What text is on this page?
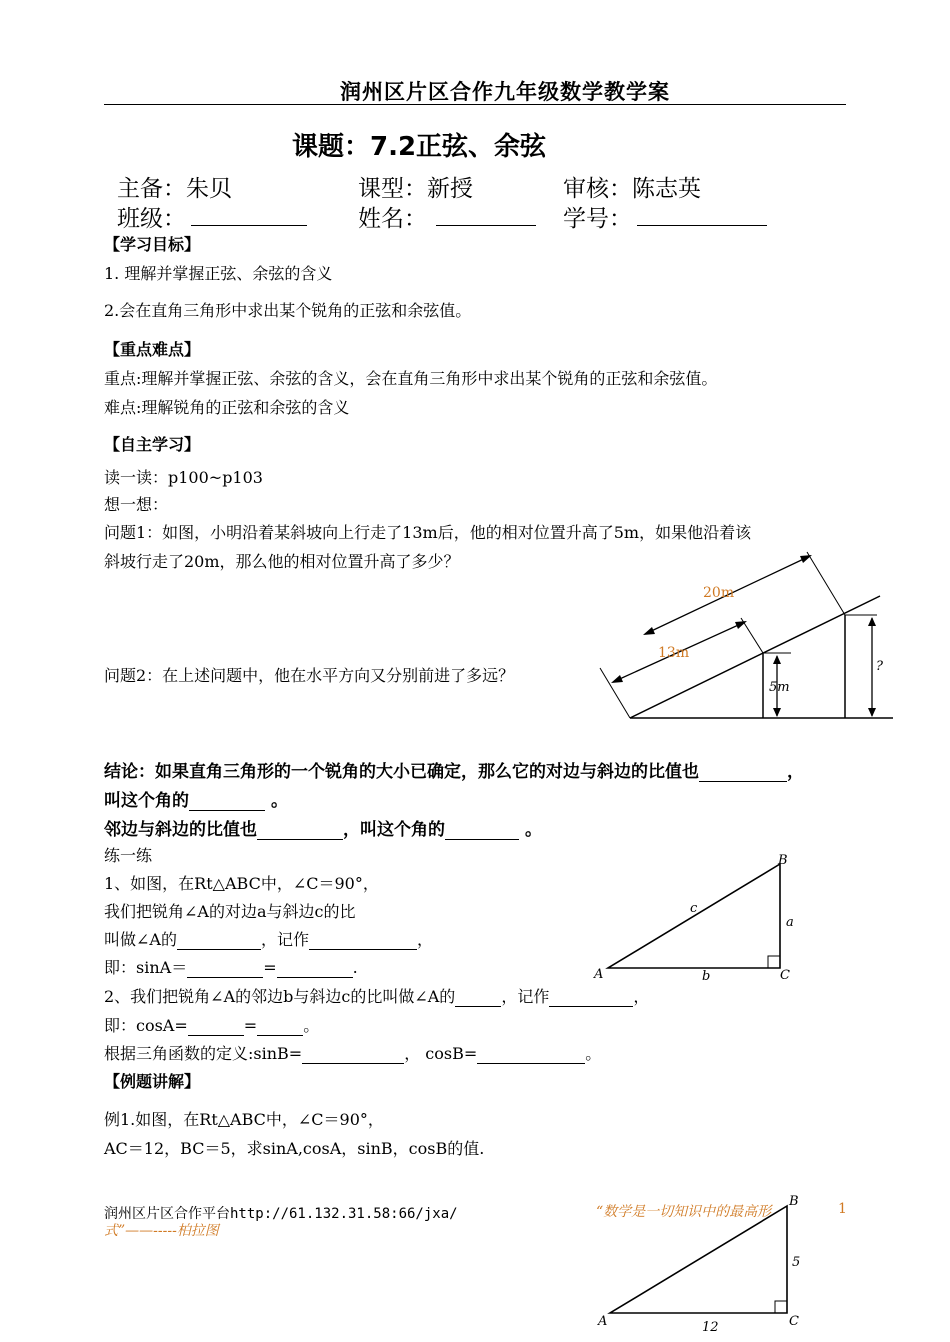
润州区片区合作九年级数学教学案
课题：7.2正弦、余弦
主备：朱贝	课型：新授	审核：陈志英
班级：	姓名：	学号：
【学习目标】
1. 理解并掌握正弦、余弦的含义
2.会在直角三角形中求出某个锐角的正弦和余弦值。
【重点难点】
重点:理解并掌握正弦、余弦的含义，会在直角三角形中求出某个锐角的正弦和余弦值。
难点:理解锐角的正弦和余弦的含义
【自主学习】
读一读：p100~p103
想一想：
问题1：如图，小明沿着某斜坡向上行走了13m后，他的相对位置升高了5m，如果他沿着该
斜坡行走了20m，那么他的相对位置升高了多少？
问题2：在上述问题中，他在水平方向又分别前进了多远？
20m
13m
5m
?
结论：如果直角三角形的一个锐角的大小已确定，那么它的对边与斜边的比值也	，
叫这个角的	。
邻边与斜边的比值也	，叫这个角的	。
练一练
1、如图，在Rt△ABC中，∠C＝90°，
我们把锐角∠A的对边a与斜边c的比
叫做∠A的	，记作	，
即：sinA＝	=	.
2、我们把锐角∠A的邻边b与斜边c的比叫做∠A的	，记作	，
即：cosA=	=	。
根据三角函数的定义:sinB=	， cosB=	。
A
B
C
a
b
c
【例题讲解】
例1.如图，在Rt△ABC中，∠C＝90°，
AC＝12，BC＝5，求sinA,cosA，sinB，cosB的值.
润州区片区合作平台http://61.132.31.58:66/jxa/	“数学是一切知识中的最高形
式”——-----柏拉图
1
A
B
C
5
12
